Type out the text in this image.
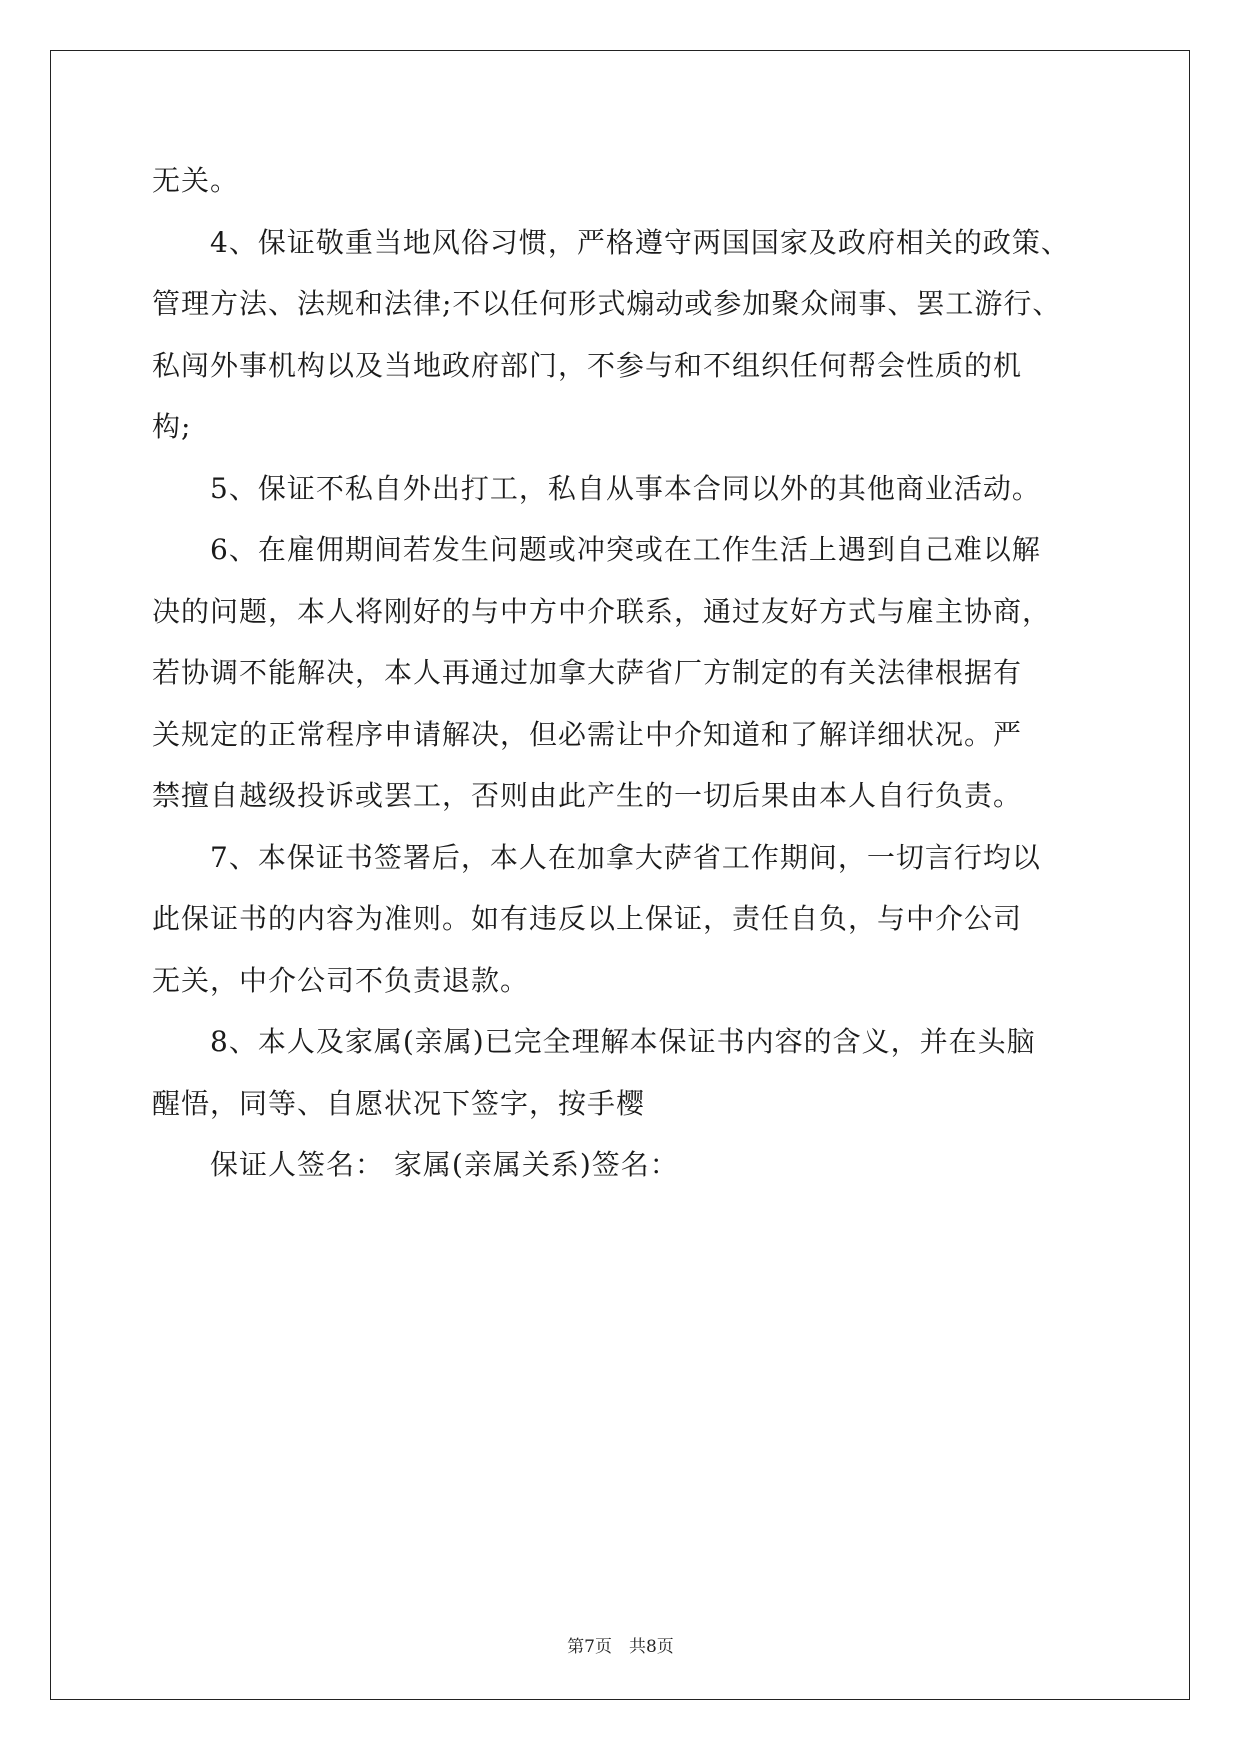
无关。
4、保证敬重当地风俗习惯，严格遵守两国国家及政府相关的政策、
管理方法、法规和法律;不以任何形式煽动或参加聚众闹事、罢工游行、
私闯外事机构以及当地政府部门，不参与和不组织任何帮会性质的机
构;
5、保证不私自外出打工，私自从事本合同以外的其他商业活动。
6、在雇佣期间若发生问题或冲突或在工作生活上遇到自己难以解
决的问题，本人将刚好的与中方中介联系，通过友好方式与雇主协商，
若协调不能解决，本人再通过加拿大萨省厂方制定的有关法律根据有
关规定的正常程序申请解决，但必需让中介知道和了解详细状况。严
禁擅自越级投诉或罢工，否则由此产生的一切后果由本人自行负责。
7、本保证书签署后，本人在加拿大萨省工作期间，一切言行均以
此保证书的内容为准则。如有违反以上保证，责任自负，与中介公司
无关，中介公司不负责退款。
8、本人及家属(亲属)已完全理解本保证书内容的含义，并在头脑
醒悟，同等、自愿状况下签字，按手樱
保证人签名： 家属(亲属关系)签名：
第7页　共8页
